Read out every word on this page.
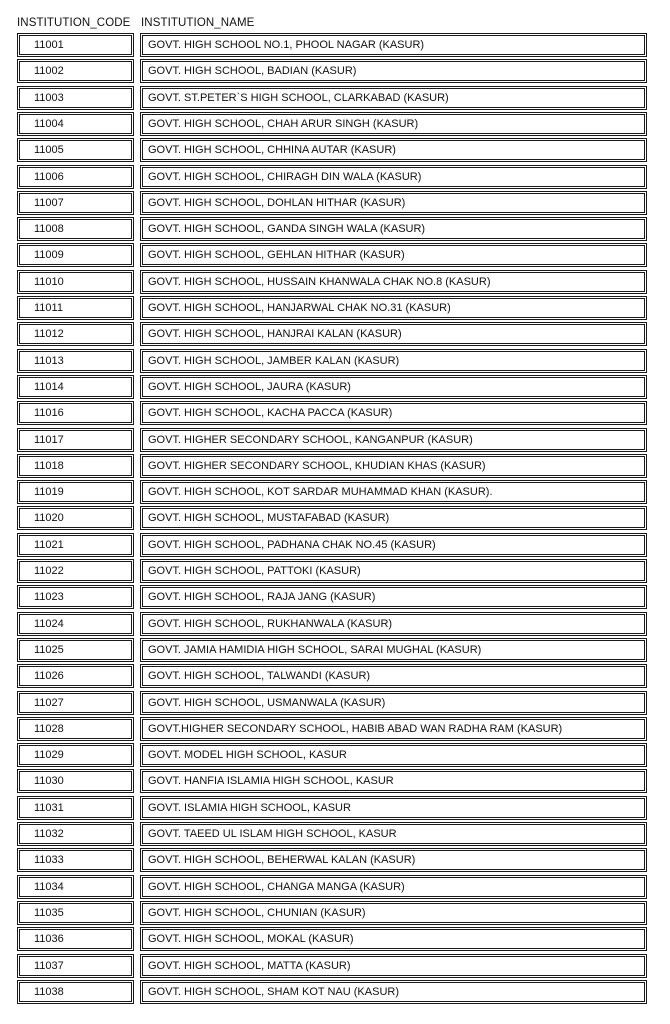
INSTITUTION_CODE INSTITUTION_NAME
11001	GOVT. HIGH SCHOOL NO.1, PHOOL NAGAR (KASUR)
11002	GOVT. HIGH SCHOOL, BADIAN (KASUR)
11003	GOVT. ST.PETER`S HIGH SCHOOL, CLARKABAD (KASUR)
11004	GOVT. HIGH SCHOOL, CHAH ARUR SINGH (KASUR)
11005	GOVT. HIGH SCHOOL, CHHINA AUTAR (KASUR)
11006	GOVT. HIGH SCHOOL, CHIRAGH DIN WALA (KASUR)
11007	GOVT. HIGH SCHOOL, DOHLAN HITHAR (KASUR)
11008	GOVT. HIGH SCHOOL, GANDA SINGH WALA (KASUR)
11009	GOVT. HIGH SCHOOL, GEHLAN HITHAR (KASUR)
11010	GOVT. HIGH SCHOOL, HUSSAIN KHANWALA CHAK NO.8 (KASUR)
11011	GOVT. HIGH SCHOOL, HANJARWAL CHAK NO.31 (KASUR)
11012	GOVT. HIGH SCHOOL, HANJRAI KALAN (KASUR)
11013	GOVT. HIGH SCHOOL, JAMBER KALAN (KASUR)
11014	GOVT. HIGH SCHOOL, JAURA (KASUR)
11016	GOVT. HIGH SCHOOL, KACHA PACCA (KASUR)
11017	GOVT. HIGHER SECONDARY SCHOOL, KANGANPUR (KASUR)
11018	GOVT. HIGHER SECONDARY SCHOOL, KHUDIAN KHAS (KASUR)
11019	GOVT. HIGH SCHOOL, KOT SARDAR MUHAMMAD KHAN (KASUR).
11020	GOVT. HIGH SCHOOL, MUSTAFABAD (KASUR)
11021	GOVT. HIGH SCHOOL, PADHANA CHAK NO.45 (KASUR)
11022	GOVT. HIGH SCHOOL, PATTOKI (KASUR)
11023	GOVT. HIGH SCHOOL, RAJA JANG (KASUR)
11024	GOVT. HIGH SCHOOL, RUKHANWALA (KASUR)
11025	GOVT. JAMIA HAMIDIA HIGH SCHOOL, SARAI MUGHAL (KASUR)
11026	GOVT. HIGH SCHOOL, TALWANDI (KASUR)
11027	GOVT. HIGH SCHOOL, USMANWALA (KASUR)
11028	GOVT.HIGHER SECONDARY SCHOOL, HABIB ABAD WAN RADHA RAM (KASUR)
11029	GOVT. MODEL HIGH SCHOOL, KASUR
11030	GOVT. HANFIA ISLAMIA HIGH SCHOOL, KASUR
11031	GOVT. ISLAMIA HIGH SCHOOL, KASUR
11032	GOVT. TAEED UL ISLAM HIGH SCHOOL, KASUR
11033	GOVT. HIGH SCHOOL, BEHERWAL KALAN (KASUR)
11034	GOVT. HIGH SCHOOL, CHANGA MANGA (KASUR)
11035	GOVT. HIGH SCHOOL, CHUNIAN (KASUR)
11036	GOVT. HIGH SCHOOL, MOKAL (KASUR)
11037	GOVT. HIGH SCHOOL, MATTA (KASUR)
11038	GOVT. HIGH SCHOOL, SHAM KOT NAU (KASUR)
